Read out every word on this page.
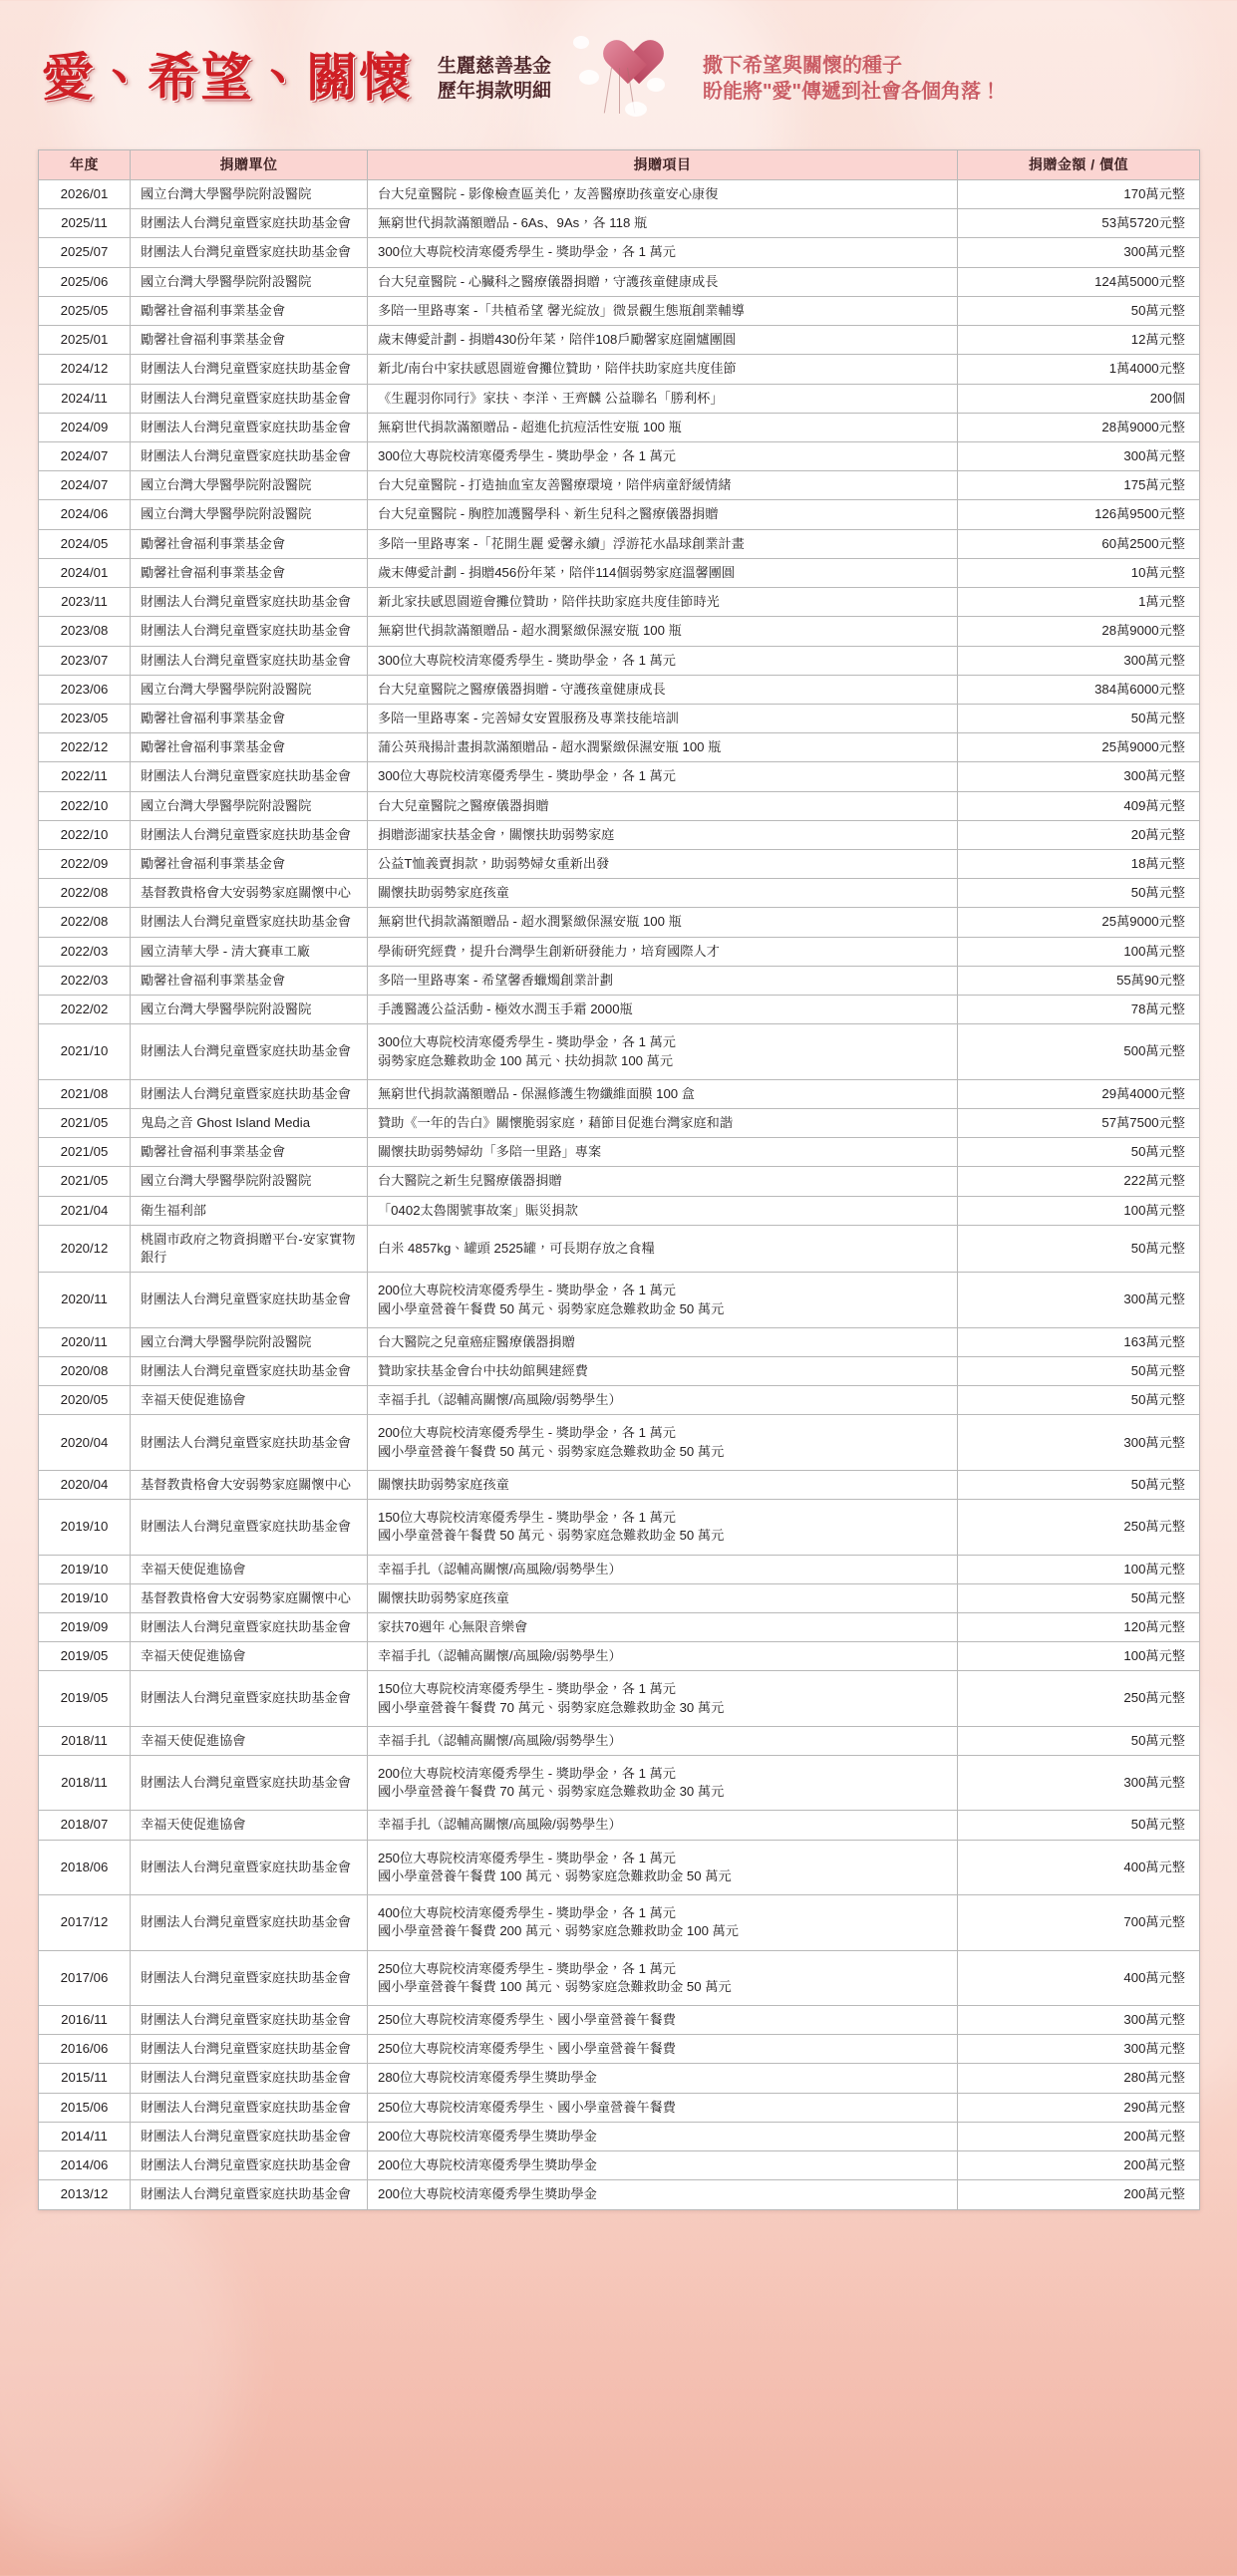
愛、希望、關懷 生麗慈善基金
歷年捐款明細
撒下希望與關懷的種子
盼能將"愛"傳遞到社會各個角落！
年度	捐贈單位	捐贈項目	捐贈金額 / 價值
2026/01	國立台灣大學醫學院附設醫院	台大兒童醫院 - 影像檢查區美化，友善醫療助孩童安心康復	170萬元整
2025/11	財團法人台灣兒童暨家庭扶助基金會	無窮世代捐款滿額贈品 - 6As、9As，各 118 瓶	53萬5720元整
2025/07	財團法人台灣兒童暨家庭扶助基金會	300位大專院校清寒優秀學生 - 獎助學金，各 1 萬元	300萬元整
2025/06	國立台灣大學醫學院附設醫院	台大兒童醫院 - 心臟科之醫療儀器捐贈，守護孩童健康成長	124萬5000元整
2025/05	勵馨社會福利事業基金會	多陪一里路專案 -「共植希望 馨光綻放」微景觀生態瓶創業輔導	50萬元整
2025/01	勵馨社會福利事業基金會	歲末傳愛計劃 - 捐贈430份年菜，陪伴108戶勵馨家庭圍爐團圓	12萬元整
2024/12	財團法人台灣兒童暨家庭扶助基金會	新北/南台中家扶感恩園遊會攤位贊助，陪伴扶助家庭共度佳節	1萬4000元整
2024/11	財團法人台灣兒童暨家庭扶助基金會	《生麗羽你同行》家扶、李洋、王齊麟 公益聯名「勝利杯」	200個
2024/09	財團法人台灣兒童暨家庭扶助基金會	無窮世代捐款滿額贈品 - 超進化抗痘活性安瓶 100 瓶	28萬9000元整
2024/07	財團法人台灣兒童暨家庭扶助基金會	300位大專院校清寒優秀學生 - 獎助學金，各 1 萬元	300萬元整
2024/07	國立台灣大學醫學院附設醫院	台大兒童醫院 - 打造抽血室友善醫療環境，陪伴病童舒緩情緒	175萬元整
2024/06	國立台灣大學醫學院附設醫院	台大兒童醫院 - 胸腔加護醫學科、新生兒科之醫療儀器捐贈	126萬9500元整
2024/05	勵馨社會福利事業基金會	多陪一里路專案 -「花開生麗 愛馨永續」浮游花水晶球創業計畫	60萬2500元整
2024/01	勵馨社會福利事業基金會	歲末傳愛計劃 - 捐贈456份年菜，陪伴114個弱勢家庭溫馨團圓	10萬元整
2023/11	財團法人台灣兒童暨家庭扶助基金會	新北家扶感恩園遊會攤位贊助，陪伴扶助家庭共度佳節時光	1萬元整
2023/08	財團法人台灣兒童暨家庭扶助基金會	無窮世代捐款滿額贈品 - 超水潤緊緻保濕安瓶 100 瓶	28萬9000元整
2023/07	財團法人台灣兒童暨家庭扶助基金會	300位大專院校清寒優秀學生 - 獎助學金，各 1 萬元	300萬元整
2023/06	國立台灣大學醫學院附設醫院	台大兒童醫院之醫療儀器捐贈 - 守護孩童健康成長	384萬6000元整
2023/05	勵馨社會福利事業基金會	多陪一里路專案 - 完善婦女安置服務及專業技能培訓	50萬元整
2022/12	勵馨社會福利事業基金會	蒲公英飛揚計畫捐款滿額贈品 - 超水潤緊緻保濕安瓶 100 瓶	25萬9000元整
2022/11	財團法人台灣兒童暨家庭扶助基金會	300位大專院校清寒優秀學生 - 獎助學金，各 1 萬元	300萬元整
2022/10	國立台灣大學醫學院附設醫院	台大兒童醫院之醫療儀器捐贈	409萬元整
2022/10	財團法人台灣兒童暨家庭扶助基金會	捐贈澎湖家扶基金會，關懷扶助弱勢家庭	20萬元整
2022/09	勵馨社會福利事業基金會	公益T恤義賣捐款，助弱勢婦女重新出發	18萬元整
2022/08	基督教貴格會大安弱勢家庭關懷中心	關懷扶助弱勢家庭孩童	50萬元整
2022/08	財團法人台灣兒童暨家庭扶助基金會	無窮世代捐款滿額贈品 - 超水潤緊緻保濕安瓶 100 瓶	25萬9000元整
2022/03	國立清華大學 - 清大賽車工廠	學術研究經費，提升台灣學生創新研發能力，培育國際人才	100萬元整
2022/03	勵馨社會福利事業基金會	多陪一里路專案 - 希望馨香蠟燭創業計劃	55萬90元整
2022/02	國立台灣大學醫學院附設醫院	手護醫護公益活動 - 極效水潤玉手霜 2000瓶	78萬元整
2021/10	財團法人台灣兒童暨家庭扶助基金會	300位大專院校清寒優秀學生 - 獎助學金，各 1 萬元
弱勢家庭急難救助金 100 萬元、扶幼捐款 100 萬元	500萬元整
2021/08	財團法人台灣兒童暨家庭扶助基金會	無窮世代捐款滿額贈品 - 保濕修護生物纖維面膜 100 盒	29萬4000元整
2021/05	鬼島之音 Ghost Island Media	贊助《一年的告白》關懷脆弱家庭，藉節目促進台灣家庭和諧	57萬7500元整
2021/05	勵馨社會福利事業基金會	關懷扶助弱勢婦幼「多陪一里路」專案	50萬元整
2021/05	國立台灣大學醫學院附設醫院	台大醫院之新生兒醫療儀器捐贈	222萬元整
2021/04	衛生福利部	「0402太魯閣號事故案」賑災捐款	100萬元整
2020/12	桃園市政府之物資捐贈平台-安家實物銀行	白米 4857kg、罐頭 2525罐，可長期存放之食糧	50萬元整
2020/11	財團法人台灣兒童暨家庭扶助基金會	200位大專院校清寒優秀學生 - 獎助學金，各 1 萬元
國小學童營養午餐費 50 萬元、弱勢家庭急難救助金 50 萬元	300萬元整
2020/11	國立台灣大學醫學院附設醫院	台大醫院之兒童癌症醫療儀器捐贈	163萬元整
2020/08	財團法人台灣兒童暨家庭扶助基金會	贊助家扶基金會台中扶幼館興建經費	50萬元整
2020/05	幸福天使促進協會	幸福手扎（認輔高關懷/高風險/弱勢學生）	50萬元整
2020/04	財團法人台灣兒童暨家庭扶助基金會	200位大專院校清寒優秀學生 - 獎助學金，各 1 萬元
國小學童營養午餐費 50 萬元、弱勢家庭急難救助金 50 萬元	300萬元整
2020/04	基督教貴格會大安弱勢家庭關懷中心	關懷扶助弱勢家庭孩童	50萬元整
2019/10	財團法人台灣兒童暨家庭扶助基金會	150位大專院校清寒優秀學生 - 獎助學金，各 1 萬元
國小學童營養午餐費 50 萬元、弱勢家庭急難救助金 50 萬元	250萬元整
2019/10	幸福天使促進協會	幸福手扎（認輔高關懷/高風險/弱勢學生）	100萬元整
2019/10	基督教貴格會大安弱勢家庭關懷中心	關懷扶助弱勢家庭孩童	50萬元整
2019/09	財團法人台灣兒童暨家庭扶助基金會	家扶70週年 心無限音樂會	120萬元整
2019/05	幸福天使促進協會	幸福手扎（認輔高關懷/高風險/弱勢學生）	100萬元整
2019/05	財團法人台灣兒童暨家庭扶助基金會	150位大專院校清寒優秀學生 - 獎助學金，各 1 萬元
國小學童營養午餐費 70 萬元、弱勢家庭急難救助金 30 萬元	250萬元整
2018/11	幸福天使促進協會	幸福手扎（認輔高關懷/高風險/弱勢學生）	50萬元整
2018/11	財團法人台灣兒童暨家庭扶助基金會	200位大專院校清寒優秀學生 - 獎助學金，各 1 萬元
國小學童營養午餐費 70 萬元、弱勢家庭急難救助金 30 萬元	300萬元整
2018/07	幸福天使促進協會	幸福手扎（認輔高關懷/高風險/弱勢學生）	50萬元整
2018/06	財團法人台灣兒童暨家庭扶助基金會	250位大專院校清寒優秀學生 - 獎助學金，各 1 萬元
國小學童營養午餐費 100 萬元、弱勢家庭急難救助金 50 萬元	400萬元整
2017/12	財團法人台灣兒童暨家庭扶助基金會	400位大專院校清寒優秀學生 - 獎助學金，各 1 萬元
國小學童營養午餐費 200 萬元、弱勢家庭急難救助金 100 萬元	700萬元整
2017/06	財團法人台灣兒童暨家庭扶助基金會	250位大專院校清寒優秀學生 - 獎助學金，各 1 萬元
國小學童營養午餐費 100 萬元、弱勢家庭急難救助金 50 萬元	400萬元整
2016/11	財團法人台灣兒童暨家庭扶助基金會	250位大專院校清寒優秀學生、國小學童營養午餐費	300萬元整
2016/06	財團法人台灣兒童暨家庭扶助基金會	250位大專院校清寒優秀學生、國小學童營養午餐費	300萬元整
2015/11	財團法人台灣兒童暨家庭扶助基金會	280位大專院校清寒優秀學生獎助學金	280萬元整
2015/06	財團法人台灣兒童暨家庭扶助基金會	250位大專院校清寒優秀學生、國小學童營養午餐費	290萬元整
2014/11	財團法人台灣兒童暨家庭扶助基金會	200位大專院校清寒優秀學生獎助學金	200萬元整
2014/06	財團法人台灣兒童暨家庭扶助基金會	200位大專院校清寒優秀學生獎助學金	200萬元整
2013/12	財團法人台灣兒童暨家庭扶助基金會	200位大專院校清寒優秀學生獎助學金	200萬元整
